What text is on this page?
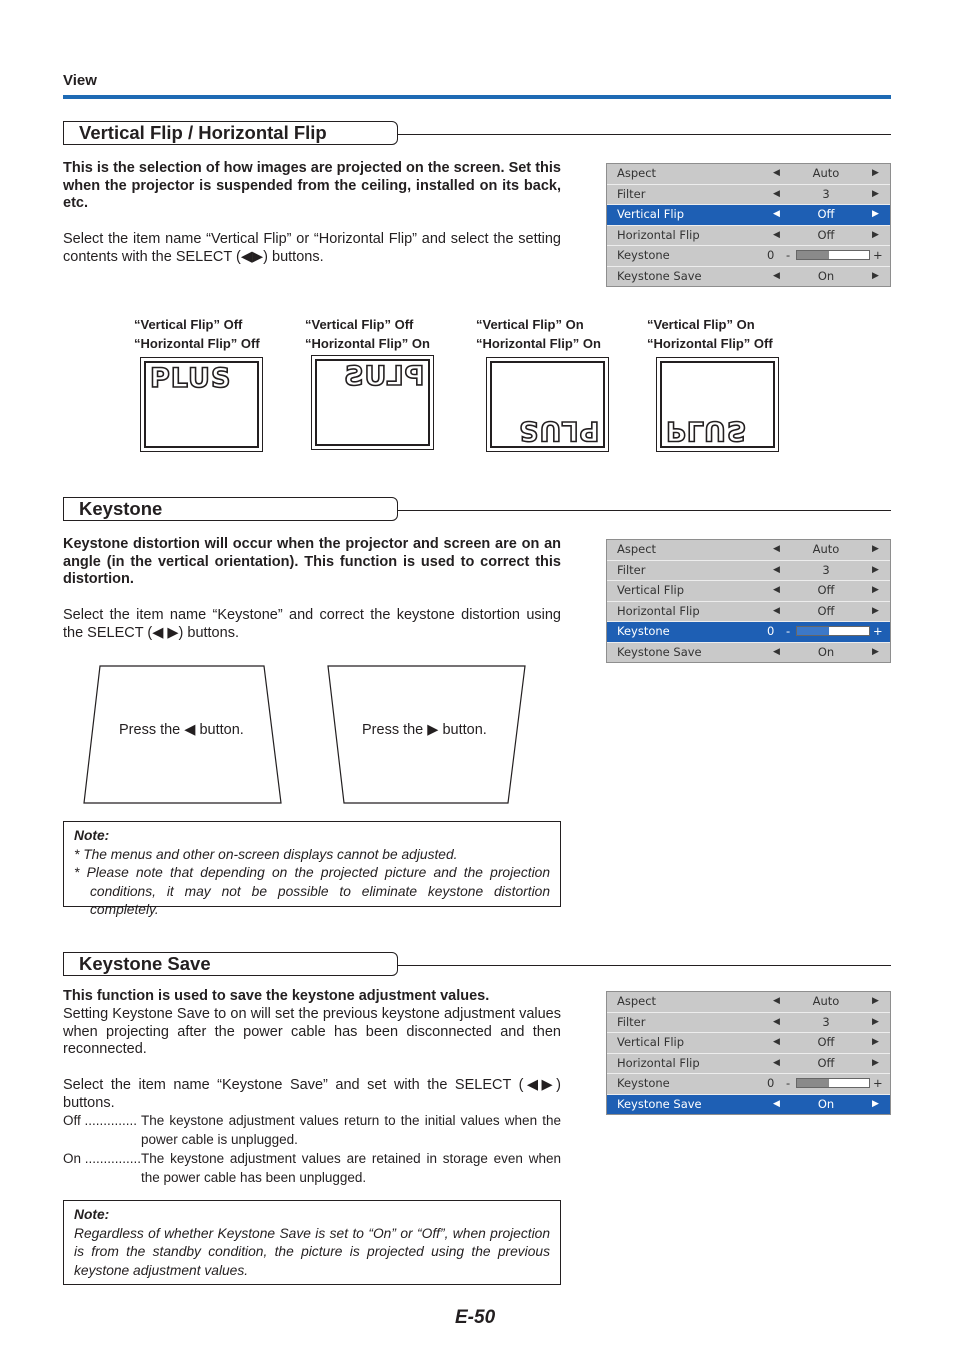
View
Vertical Flip / Horizontal Flip
This is the selection of how images are projected on the screen. Set this when the projector is suspended from the ceiling, installed on its back, etc.
Select the item name “Vertical Flip” or “Horizontal Flip” and select the setting contents with the SELECT (◀▶) buttons.
Aspect	◀	Auto	▶
Filter	◀	3	▶
Vertical Flip	◀	Off	▶
Horizontal Flip	◀	Off	▶
Keystone	0 -	+
Keystone Save	◀	On	▶
“Vertical Flip” Off
“Horizontal Flip” Off
“Vertical Flip” Off
“Horizontal Flip” On
“Vertical Flip” On
“Horizontal Flip” On
“Vertical Flip” On
“Horizontal Flip” Off
PLUS	PLUS
PLUS PLUS
Keystone
Keystone distortion will occur when the projector and screen are on an angle (in the vertical orientation). This function is used to correct this distortion.
Select the item name “Keystone” and correct the keystone distortion using the SELECT (◀ ▶) buttons.
Aspect	◀	Auto	▶
Filter	◀	3	▶
Vertical Flip	◀	Off	▶
Horizontal Flip	◀	Off	▶
Keystone	0 -	+
Keystone Save	◀	On	▶
Press the ◀ button.	Press the ▶ button.
Note:
* The menus and other on-screen displays cannot be adjusted.
* Please note that depending on the projected picture and the projection conditions, it may not be possible to eliminate keystone distortion completely.
Keystone Save
This function is used to save the keystone adjustment values.
Setting Keystone Save to on will set the previous keystone adjustment values when projecting after the power cable has been disconnected and then reconnected.
Select the item name “Keystone Save” and set with the SELECT (◀▶) buttons.
Aspect	◀	Auto	▶
Filter	◀	3	▶
Vertical Flip	◀	Off	▶
Horizontal Flip	◀	Off	▶
Keystone	0 -	+
Keystone Save	◀	On	▶
Off .............. The keystone adjustment values return to the initial values when the power cable is unplugged.
On ............... The keystone adjustment values are retained in storage even when the power cable has been unplugged.
Note:
Regardless of whether Keystone Save is set to “On” or “Off”, when projection is from the standby condition, the picture is projected using the previous keystone adjustment values.
E-50
